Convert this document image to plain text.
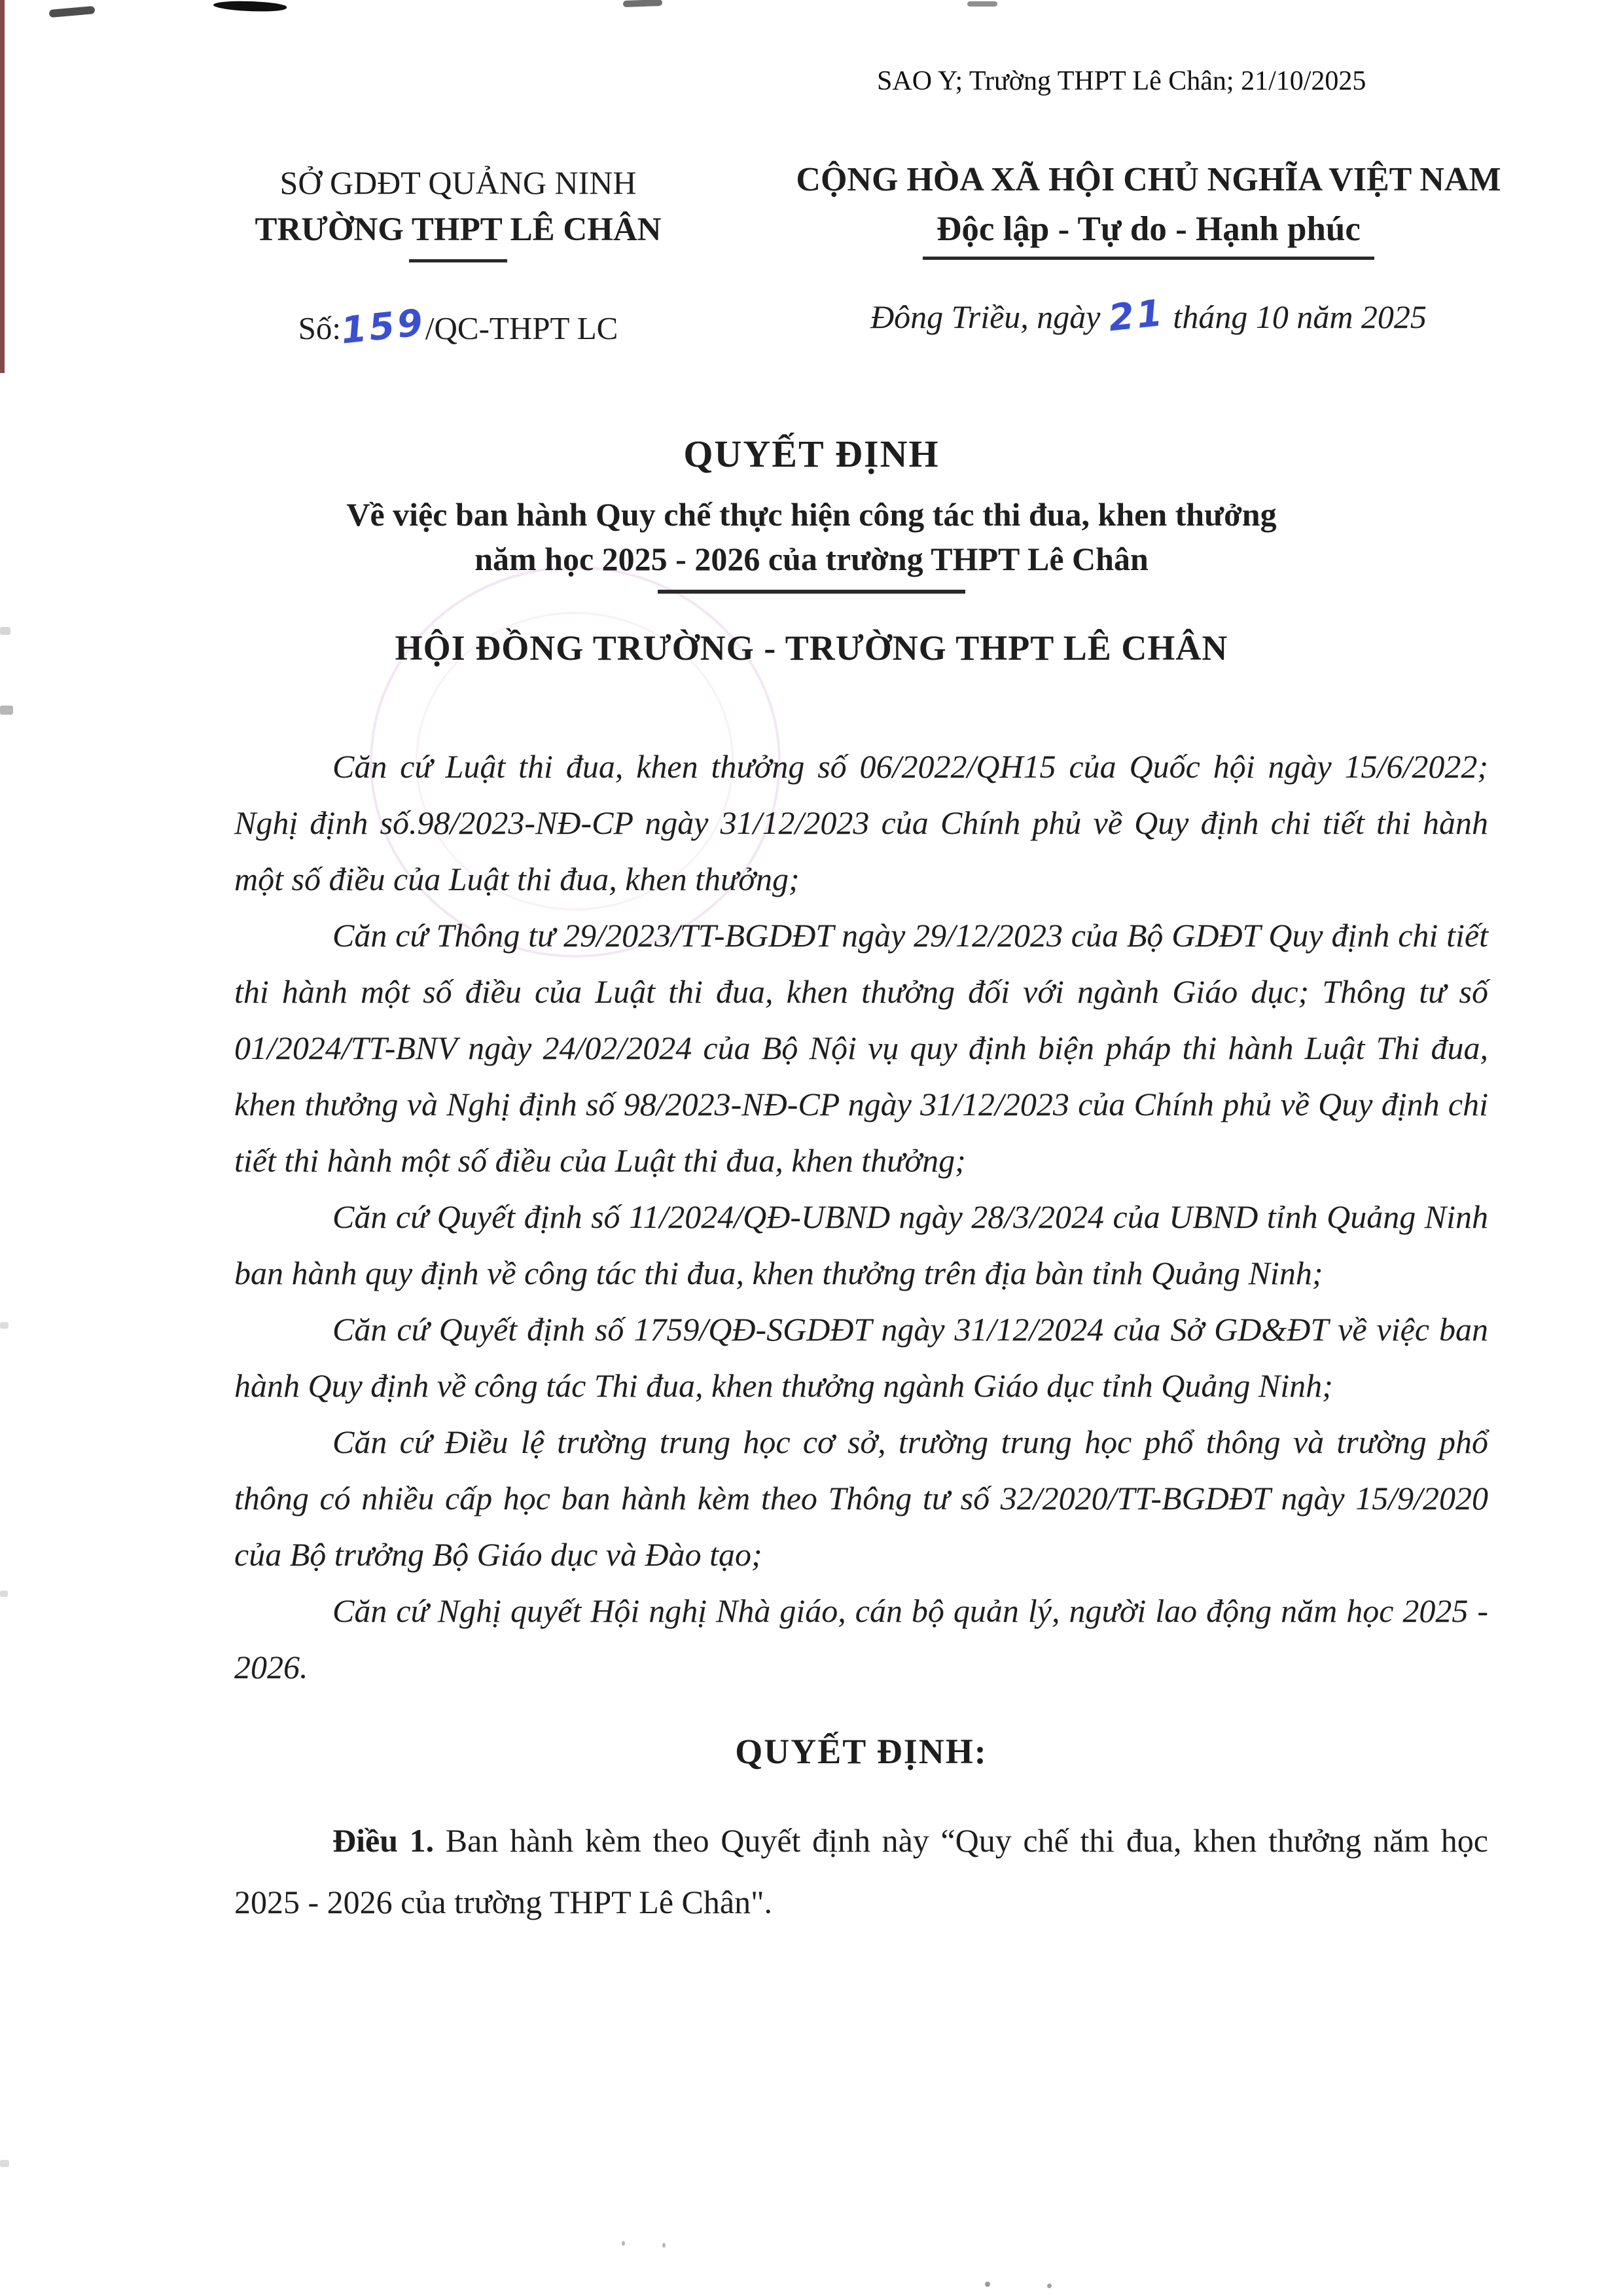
SAO Y; Trường THPT Lê Chân; 21/10/2025
SỞ GDĐT QUẢNG NINH
TRƯỜNG THPT LÊ CHÂN
Số:159/QC-THPT LC
CỘNG HÒA XÃ HỘI CHỦ NGHĨA VIỆT NAM
Độc lập - Tự do - Hạnh phúc
Đông Triều, ngày 21 tháng 10 năm 2025
QUYẾT ĐỊNH
Về việc ban hành Quy chế thực hiện công tác thi đua, khen thưởng
năm học 2025 - 2026 của trường THPT Lê Chân
HỘI ĐỒNG TRƯỜNG - TRƯỜNG THPT LÊ CHÂN

Căn cứ Luật thi đua, khen thưởng số 06/2022/QH15 của Quốc hội ngày 15/6/2022; Nghị định số.98/2023-NĐ-CP ngày 31/12/2023 của Chính phủ về Quy định chi tiết thi hành một số điều của Luật thi đua, khen thưởng;

Căn cứ Thông tư 29/2023/TT-BGDĐT ngày 29/12/2023 của Bộ GDĐT Quy định chi tiết thi hành một số điều của Luật thi đua, khen thưởng đối với ngành Giáo dục; Thông tư số 01/2024/TT-BNV ngày 24/02/2024 của Bộ Nội vụ quy định biện pháp thi hành Luật Thi đua, khen thưởng và Nghị định số 98/2023-NĐ-CP ngày 31/12/2023 của Chính phủ về Quy định chi tiết thi hành một số điều của Luật thi đua, khen thưởng;

Căn cứ Quyết định số 11/2024/QĐ-UBND ngày 28/3/2024 của UBND tỉnh Quảng Ninh ban hành quy định về công tác thi đua, khen thưởng trên địa bàn tỉnh Quảng Ninh;

Căn cứ Quyết định số 1759/QĐ-SGDĐT ngày 31/12/2024 của Sở GD&ĐT về việc ban hành Quy định về công tác Thi đua, khen thưởng ngành Giáo dục tỉnh Quảng Ninh;

Căn cứ Điều lệ trường trung học cơ sở, trường trung học phổ thông và trường phổ thông có nhiều cấp học ban hành kèm theo Thông tư số 32/2020/TT-BGDĐT ngày 15/9/2020 của Bộ trưởng Bộ Giáo dục và Đào tạo;

Căn cứ Nghị quyết Hội nghị Nhà giáo, cán bộ quản lý, người lao động năm học 2025 - 2026.

QUYẾT ĐỊNH:

Điều 1. Ban hành kèm theo Quyết định này “Quy chế thi đua, khen thưởng năm học 2025 - 2026 của trường THPT Lê Chân".
